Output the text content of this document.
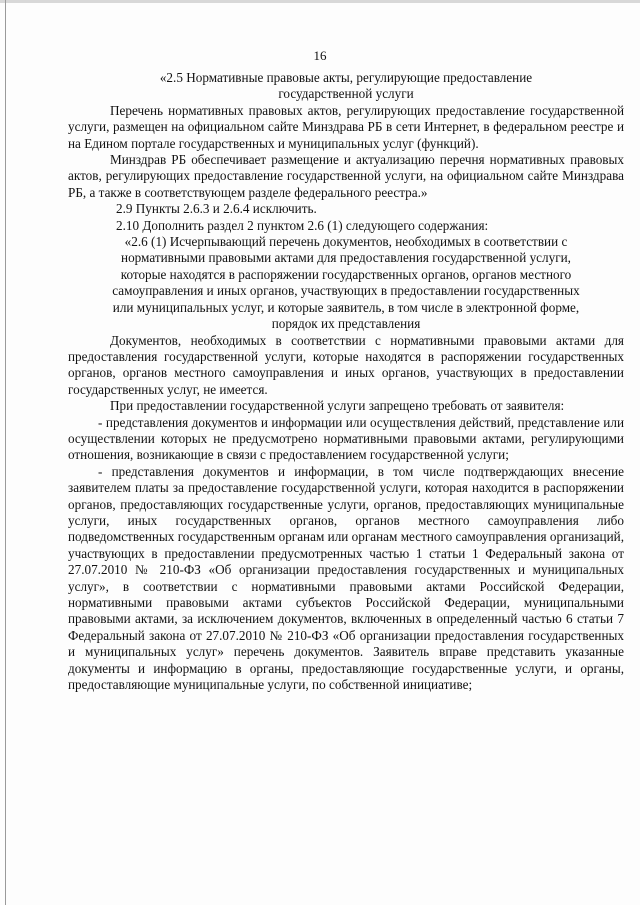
16

«2.5 Нормативные правовые акты, регулирующие предоставление

государственной услуги

Перечень нормативных правовых актов, регулирующих предоставление государственной услуги, размещен на официальном сайте Минздрава РБ в сети Интернет, в федеральном реестре и на Едином портале государственных и муниципальных услуг (функций).

Минздрав РБ обеспечивает размещение и актуализацию перечня нормативных правовых актов, регулирующих предоставление государственной услуги, на официальном сайте Минздрава РБ, а также в соответствующем разделе федерального реестра.»

2.9 Пункты 2.6.3 и 2.6.4 исключить.

2.10 Дополнить раздел 2 пунктом 2.6 (1) следующего содержания:

«2.6 (1) Исчерпывающий перечень документов, необходимых в соответствии с

нормативными правовыми актами для предоставления государственной услуги,

которые находятся в распоряжении государственных органов, органов местного

самоуправления и иных органов, участвующих в предоставлении государственных

или муниципальных услуг, и которые заявитель, в том числе в электронной форме,

порядок их представления

Документов, необходимых в соответствии с нормативными правовыми актами для предоставления государственной услуги, которые находятся в распоряжении государственных органов, органов местного самоуправления и иных органов, участвующих в предоставлении государственных услуг, не имеется.

При предоставлении государственной услуги запрещено требовать от заявителя:

- представления документов и информации или осуществления действий, представление или осуществлении которых не предусмотрено нормативными правовыми актами, регулирующими отношения, возникающие в связи с предоставлением государственной услуги;

- представления документов и информации, в том числе подтверждающих внесение заявителем платы за предоставление государственной услуги, которая находится в распоряжении органов, предоставляющих государственные услуги, органов, предоставляющих муниципальные услуги, иных государственных органов, органов местного самоуправления либо подведомственных государственным органам или органам местного самоуправления организаций, участвующих в предоставлении предусмотренных частью 1 статьи 1 Федеральный закона от 27.07.2010 № 210-ФЗ «Об организации предоставления государственных и муниципальных услуг», в соответствии с нормативными правовыми актами Российской Федерации, нормативными правовыми актами субъектов Российской Федерации, муниципальными правовыми актами, за исключением документов, включенных в определенный частью 6 статьи 7 Федеральный закона от 27.07.2010 № 210-ФЗ «Об организации предоставления государственных и муниципальных услуг» перечень документов. Заявитель вправе представить указанные документы и информацию в органы, предоставляющие государственные услуги, и органы, предоставляющие муниципальные услуги, по собственной инициативе;
